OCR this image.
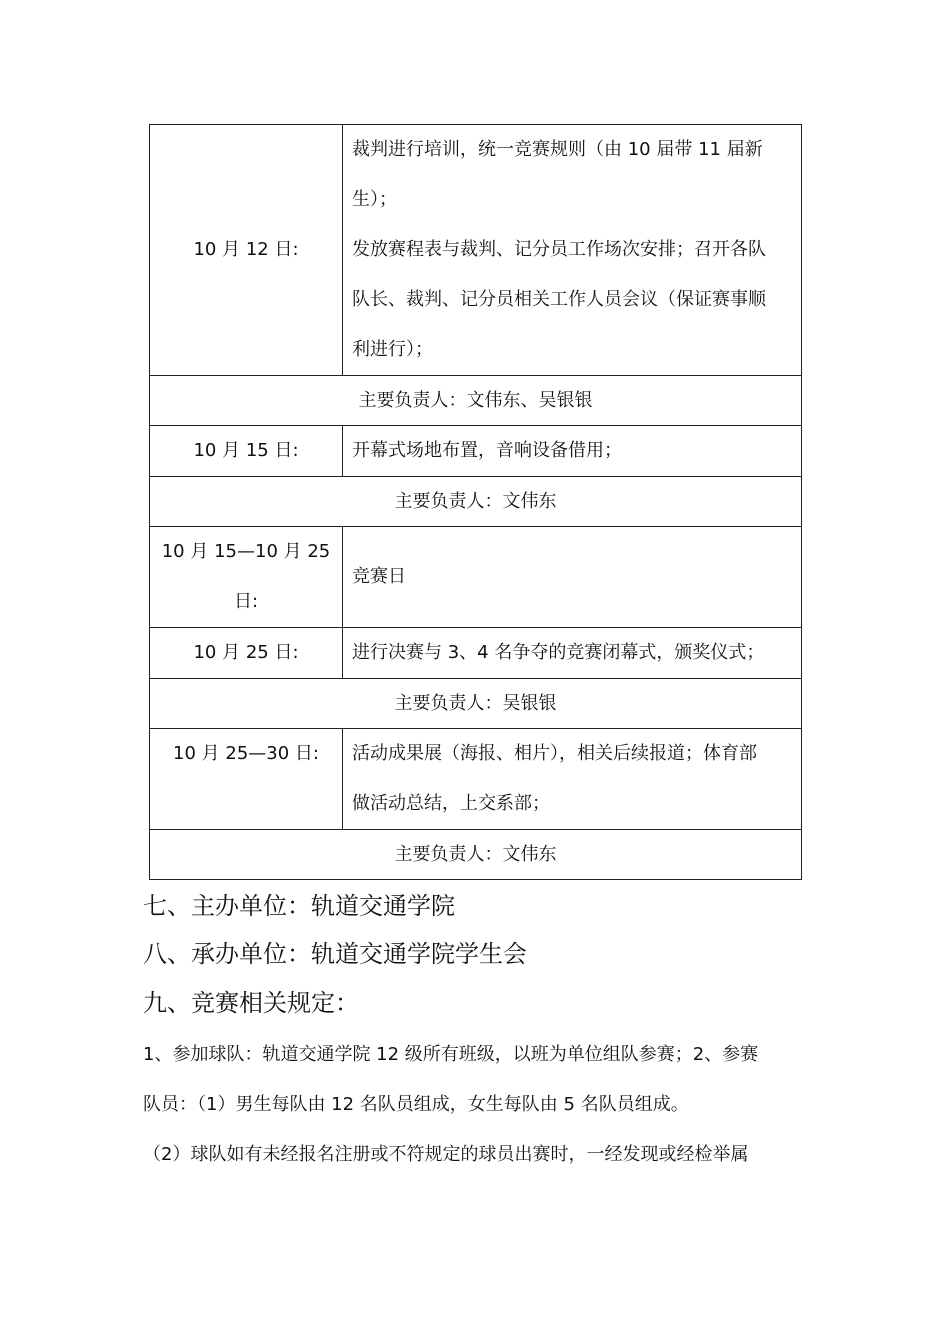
10 月 12 日:	裁判进行培训，统一竞赛规则（由 10 届带 11 届新
生）；
发放赛程表与裁判、记分员工作场次安排；召开各队
队长、裁判、记分员相关工作人员会议（保证赛事顺
利进行）；

主要负责人：文伟东、吴银银	
10 月 15 日:	开幕式场地布置，音响设备借用；

主要负责人：文伟东	

10 月 15—10 月 25
日:	竞赛日

10 月 25 日:	进行决赛与 3、4 名争夺的竞赛闭幕式，颁奖仪式；

主要负责人：吴银银	
10 月 25—30 日:	活动成果展（海报、相片），相关后续报道；体育部
做活动总结，上交系部；

主要负责人：文伟东	
七、主办单位：轨道交通学院
八、承办单位：轨道交通学院学生会
九、竞赛相关规定：
1、参加球队：轨道交通学院 12 级所有班级，以班为单位组队参赛；2、参赛
队员：（1）男生每队由 12 名队员组成，女生每队由 5 名队员组成。
（2）球队如有未经报名注册或不符规定的球员出赛时，一经发现或经检举属
